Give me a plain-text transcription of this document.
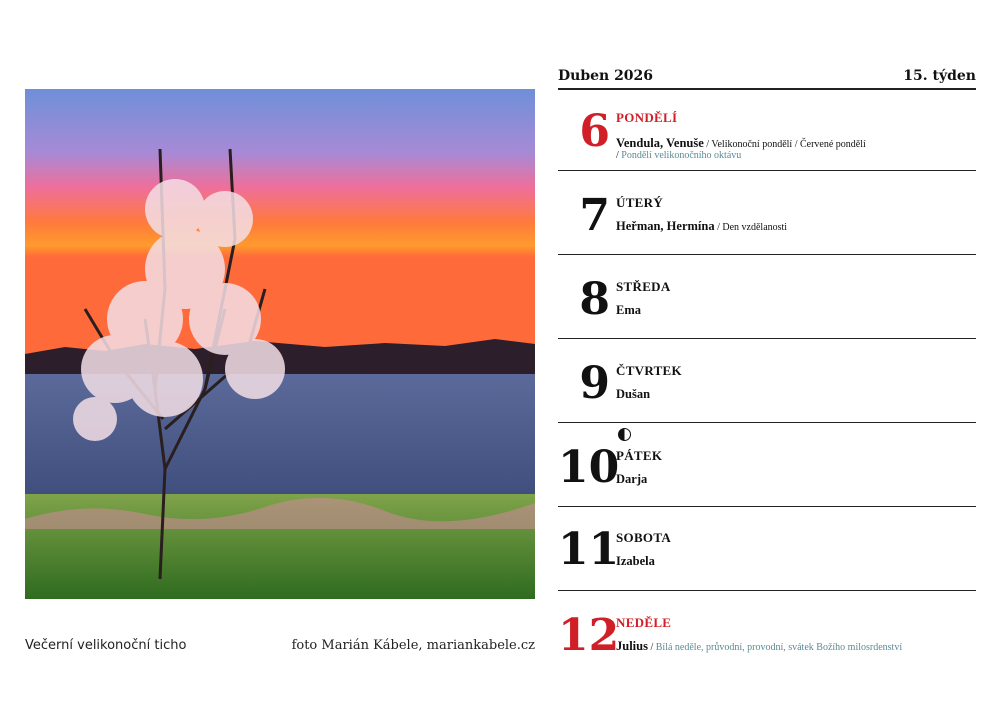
Večerní velikonoční ticho	foto Marián Kábele, mariankabele.cz
Duben 2026	15. týden
6 PONDĚLÍ
Vendula, Venuše / Velikonoční pondělí / Červené pondělí
/ Pondělí velikonočního oktávu
7 ÚTERÝ
Heřman, Hermína / Den vzdělanosti
8 STŘEDA
Ema
9 ČTVRTEK
Dušan
10
PÁTEK
Darja
11
SOBOTA
Izabela
12
NEDĚLE
Julius / Bílá neděle, průvodní, provodní, svátek Božího milosrdenství
